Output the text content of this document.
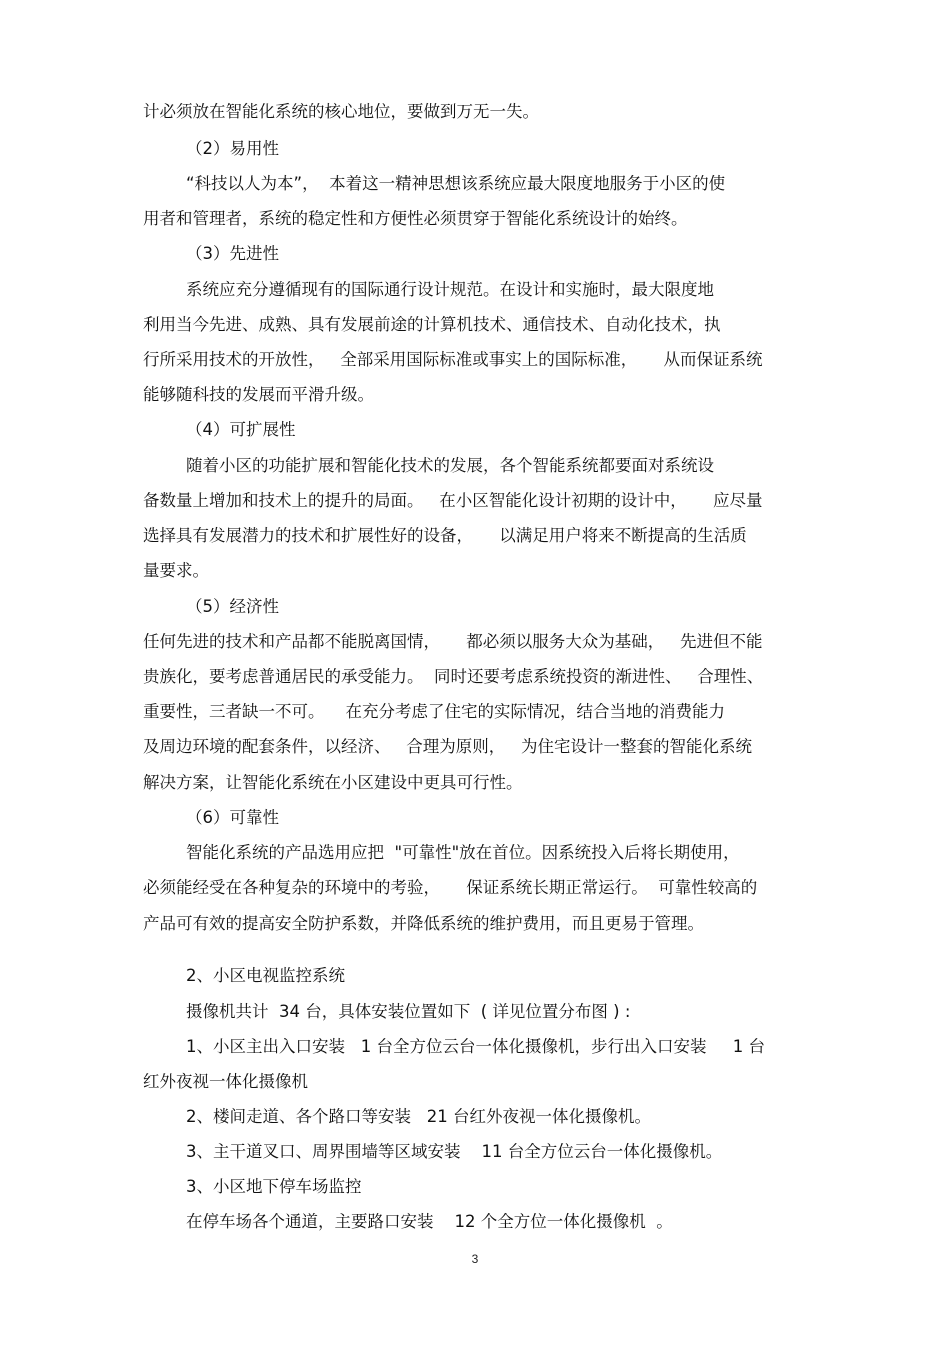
计必须放在智能化系统的核心地位，要做到万无一失。

（2）易用性

“科技以人为本”，  本着这一精神思想该系统应最大限度地服务于小区的使

用者和管理者，系统的稳定性和方便性必须贯穿于智能化系统设计的始终。

（3）先进性

系统应充分遵循现有的国际通行设计规范。在设计和实施时，最大限度地

利用当今先进、成熟、具有发展前途的计算机技术、通信技术、自动化技术，执

行所采用技术的开放性，   全部采用国际标准或事实上的国际标准，     从而保证系统

能够随科技的发展而平滑升级。

（4）可扩展性

随着小区的功能扩展和智能化技术的发展，各个智能系统都要面对系统设

备数量上增加和技术上的提升的局面。   在小区智能化设计初期的设计中，     应尽量

选择具有发展潜力的技术和扩展性好的设备，     以满足用户将来不断提高的生活质

量要求。

（5）经济性

任何先进的技术和产品都不能脱离国情，     都必须以服务大众为基础，   先进但不能

贵族化，要考虑普通居民的承受能力。  同时还要考虑系统投资的渐进性、   合理性、

重要性，三者缺一不可。    在充分考虑了住宅的实际情况，结合当地的消费能力

及周边环境的配套条件，以经济、   合理为原则，   为住宅设计一整套的智能化系统

解决方案，让智能化系统在小区建设中更具可行性。

（6）可靠性

智能化系统的产品选用应把  "可靠性"放在首位。因系统投入后将长期使用，

必须能经受在各种复杂的环境中的考验，     保证系统长期正常运行。  可靠性较高的

产品可有效的提高安全防护系数，并降低系统的维护费用，而且更易于管理。

2、小区电视监控系统

摄像机共计  34 台，具体安装位置如下  ( 详见位置分布图 ) :

1、小区主出入口安装   1 台全方位云台一体化摄像机，步行出入口安装     1 台

红外夜视一体化摄像机

2、楼间走道、各个路口等安装   21 台红外夜视一体化摄像机。

3、主干道叉口、周界围墙等区域安装    11 台全方位云台一体化摄像机。

3、小区地下停车场监控

在停车场各个通道，主要路口安装    12 个全方位一体化摄像机  。

3
